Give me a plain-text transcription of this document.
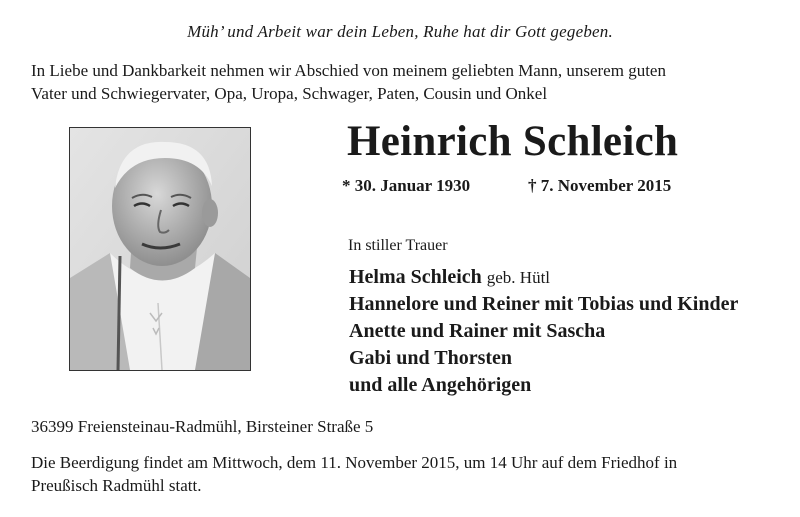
Müh’ und Arbeit war dein Leben, Ruhe hat dir Gott gegeben.
In Liebe und Dankbarkeit nehmen wir Abschied von meinem geliebten Mann, unserem guten
Vater und Schwiegervater, Opa, Uropa, Schwager, Paten, Cousin und Onkel
Heinrich Schleich
* 30. Januar 1930	† 7. November 2015
In stiller Trauer
Helma Schleich geb. Hütl
Hannelore und Reiner mit Tobias und Kinder
Anette und Rainer mit Sascha
Gabi und Thorsten
und alle Angehörigen
36399 Freiensteinau-Radmühl, Birsteiner Straße 5
Die Beerdigung findet am Mittwoch, dem 11. November 2015, um 14 Uhr auf dem Friedhof in
Preußisch Radmühl statt.
